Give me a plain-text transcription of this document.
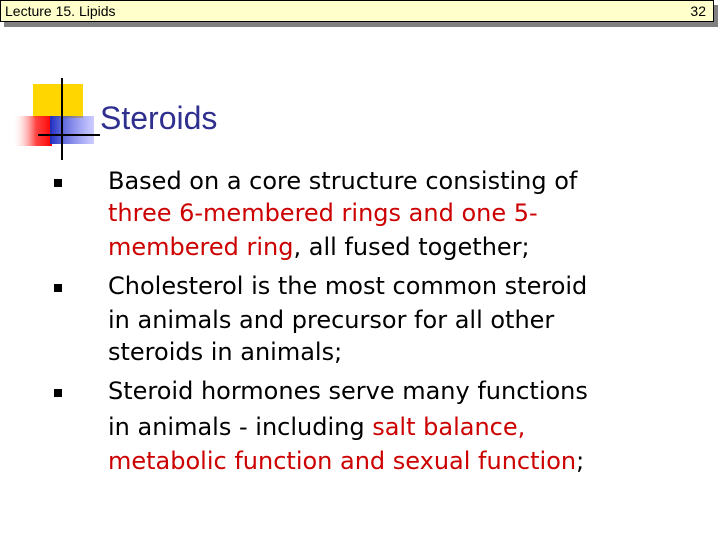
Lecture 15. Lipids	32
Steroids
Based on a core structure consisting of
three 6-membered rings and one 5-
membered ring, all fused together;
Cholesterol is the most common steroid
in animals and precursor for all other
steroids in animals;
Steroid hormones serve many functions
in animals - including salt balance,
metabolic function and sexual function;
